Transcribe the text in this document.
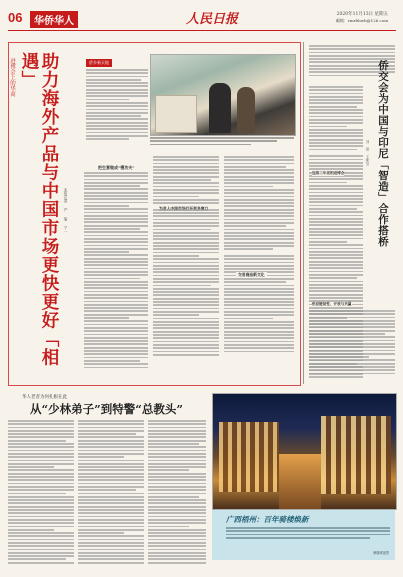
06	华侨华人	人民日报	2020年11月13日 星期五
邮箱：rmrbhwb@126.com
助力海外产品与中国市场更快更好「相遇」
进博会上的华商
本报记者 严 瑜 宁一
侨乡新天地
把生意做成“慢功夫”
交易商品新文化
侨交会为中国与印尼「智造」合作搭桥
刘 倩 王斯莹
连续三年亮相进博会
供应链韧性、开放与共赢
华人老者为何扎根在此
从“少林弟子”到特警“总教头”
广西梧州：百年骑楼焕新
骑楼城夜景
